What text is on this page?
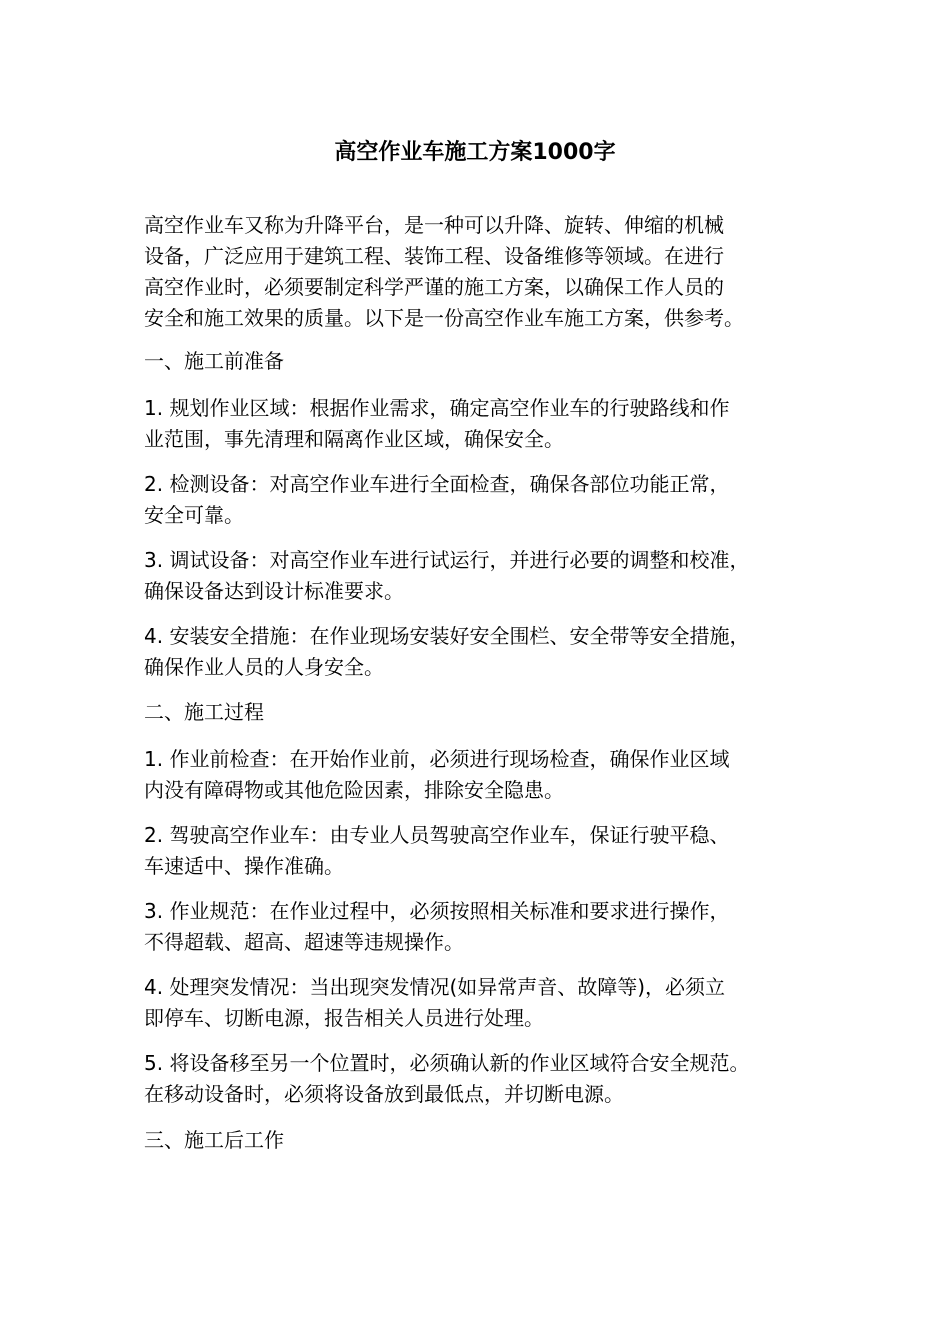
高空作业车施工方案1000字
高空作业车又称为升降平台，是一种可以升降、旋转、伸缩的机械
设备，广泛应用于建筑工程、装饰工程、设备维修等领域。在进行
高空作业时，必须要制定科学严谨的施工方案，以确保工作人员的
安全和施工效果的质量。以下是一份高空作业车施工方案，供参考。
一、施工前准备
1. 规划作业区域：根据作业需求，确定高空作业车的行驶路线和作
业范围，事先清理和隔离作业区域，确保安全。
2. 检测设备：对高空作业车进行全面检查，确保各部位功能正常，
安全可靠。
3. 调试设备：对高空作业车进行试运行，并进行必要的调整和校准，
确保设备达到设计标准要求。
4. 安装安全措施：在作业现场安装好安全围栏、安全带等安全措施，
确保作业人员的人身安全。
二、施工过程
1. 作业前检查：在开始作业前，必须进行现场检查，确保作业区域
内没有障碍物或其他危险因素，排除安全隐患。
2. 驾驶高空作业车：由专业人员驾驶高空作业车，保证行驶平稳、
车速适中、操作准确。
3. 作业规范：在作业过程中，必须按照相关标准和要求进行操作，
不得超载、超高、超速等违规操作。
4. 处理突发情况：当出现突发情况(如异常声音、故障等)，必须立
即停车、切断电源，报告相关人员进行处理。
5. 将设备移至另一个位置时，必须确认新的作业区域符合安全规范。
在移动设备时，必须将设备放到最低点，并切断电源。
三、施工后工作
